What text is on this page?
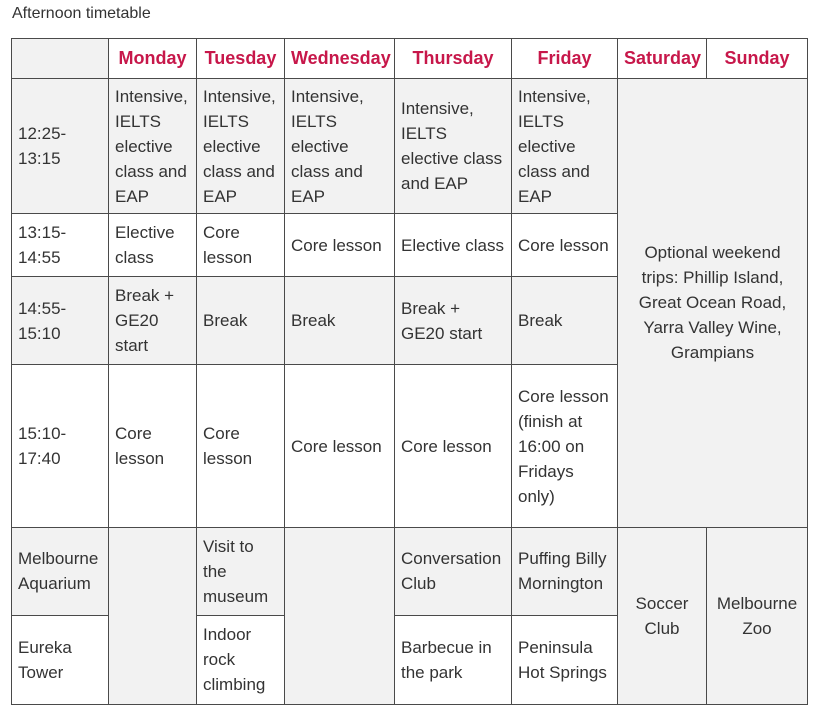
Afternoon timetable
	Monday	Tuesday	Wednesday	Thursday	Friday	Saturday	Sunday
12:25-13:15	Intensive, IELTS elective class and EAP	Intensive, IELTS elective class and EAP	Intensive, IELTS elective class and EAP	Intensive, IELTS elective class and EAP	Intensive, IELTS elective class and EAP	Optional weekend trips: Phillip Island, Great Ocean Road, Yarra Valley Wine, Grampians	
13:15-14:55	Elective class	Core lesson	Core lesson	Elective class	Core lesson		
14:55-15:10	Break + GE20 start	Break	Break	Break + GE20 start	Break		
15:10-17:40	Core lesson	Core lesson	Core lesson	Core lesson	Core lesson (finish at 16:00 on Fridays only)		
Melbourne Aquarium		Visit to the museum		Conversation Club	Puffing Billy Mornington	Soccer Club	Melbourne Zoo
Eureka Tower		Indoor rock climbing		Barbecue in the park	Peninsula Hot Springs		
